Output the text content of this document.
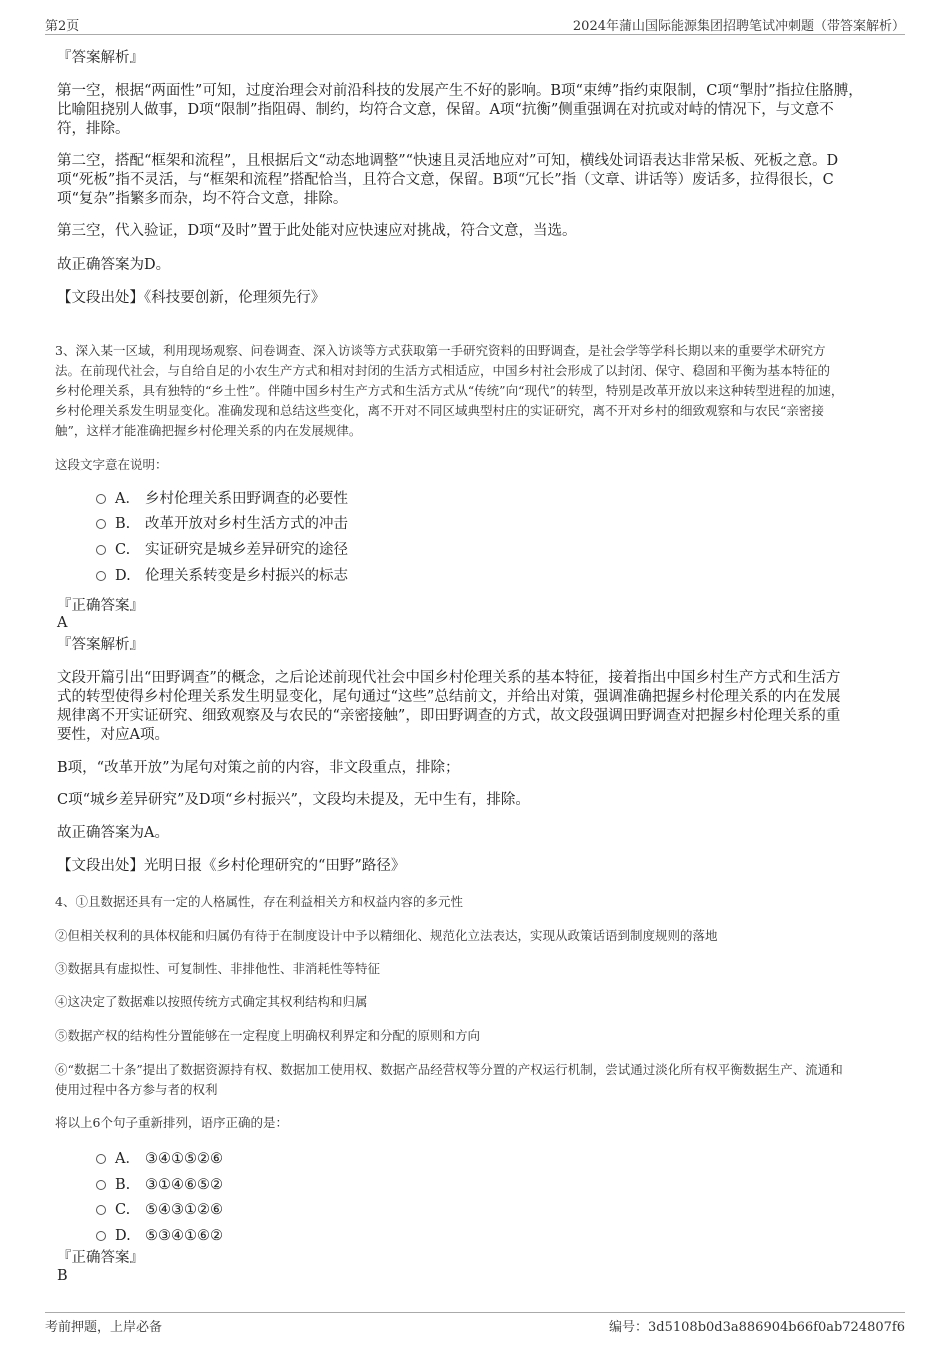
第2页	2024年蒲山国际能源集团招聘笔试冲刺题（带答案解析）
『答案解析』
第一空，根据“两面性”可知，过度治理会对前沿科技的发展产生不好的影响。B项“束缚”指约束限制，C项“掣肘”指拉住胳膊，
比喻阻挠别人做事，D项“限制”指阻碍、制约，均符合文意，保留。A项“抗衡”侧重强调在对抗或对峙的情况下，与文意不
符，排除。
第二空，搭配“框架和流程”，且根据后文“动态地调整”“快速且灵活地应对”可知，横线处词语表达非常呆板、死板之意。D
项“死板”指不灵活，与“框架和流程”搭配恰当，且符合文意，保留。B项“冗长”指（文章、讲话等）废话多，拉得很长，C
项“复杂”指繁多而杂，均不符合文意，排除。
第三空，代入验证，D项“及时”置于此处能对应快速应对挑战，符合文意，当选。
故正确答案为D。
【文段出处】《科技要创新，伦理须先行》
3、深入某一区域，利用现场观察、问卷调查、深入访谈等方式获取第一手研究资料的田野调查，是社会学等学科长期以来的重要学术研究方
法。在前现代社会，与自给自足的小农生产方式和相对封闭的生活方式相适应，中国乡村社会形成了以封闭、保守、稳固和平衡为基本特征的
乡村伦理关系，具有独特的“乡土性”。伴随中国乡村生产方式和生活方式从“传统”向“现代”的转型，特别是改革开放以来这种转型进程的加速，
乡村伦理关系发生明显变化。准确发现和总结这些变化，离不开对不同区域典型村庄的实证研究，离不开对乡村的细致观察和与农民“亲密接
触”，这样才能准确把握乡村伦理关系的内在发展规律。
这段文字意在说明：
A． 乡村伦理关系田野调查的必要性
B. 改革开放对乡村生活方式的冲击
C. 实证研究是城乡差异研究的途径
D. 伦理关系转变是乡村振兴的标志
『正确答案』
A
『答案解析』
文段开篇引出“田野调查”的概念，之后论述前现代社会中国乡村伦理关系的基本特征，接着指出中国乡村生产方式和生活方
式的转型使得乡村伦理关系发生明显变化，尾句通过“这些”总结前文，并给出对策，强调准确把握乡村伦理关系的内在发展
规律离不开实证研究、细致观察及与农民的“亲密接触”，即田野调查的方式，故文段强调田野调查对把握乡村伦理关系的重
要性，对应A项。
B项，“改革开放”为尾句对策之前的内容，非文段重点，排除；
C项“城乡差异研究”及D项“乡村振兴”，文段均未提及，无中生有，排除。
故正确答案为A。
【文段出处】光明日报《乡村伦理研究的“田野”路径》
4、①且数据还具有一定的人格属性，存在利益相关方和权益内容的多元性
②但相关权利的具体权能和归属仍有待于在制度设计中予以精细化、规范化立法表达，实现从政策话语到制度规则的落地
③数据具有虚拟性、可复制性、非排他性、非消耗性等特征
④这决定了数据难以按照传统方式确定其权利结构和归属
⑤数据产权的结构性分置能够在一定程度上明确权利界定和分配的原则和方向
⑥“数据二十条”提出了数据资源持有权、数据加工使用权、数据产品经营权等分置的产权运行机制，尝试通过淡化所有权平衡数据生产、流通和
使用过程中各方参与者的权利
将以上6个句子重新排列，语序正确的是：
A． ③④①⑤②⑥
B. ③①④⑥⑤②
C. ⑤④③①②⑥
D. ⑤③④①⑥②
『正确答案』
B
考前押题，上岸必备	编号：3d5108b0d3a886904b66f0ab724807f6
